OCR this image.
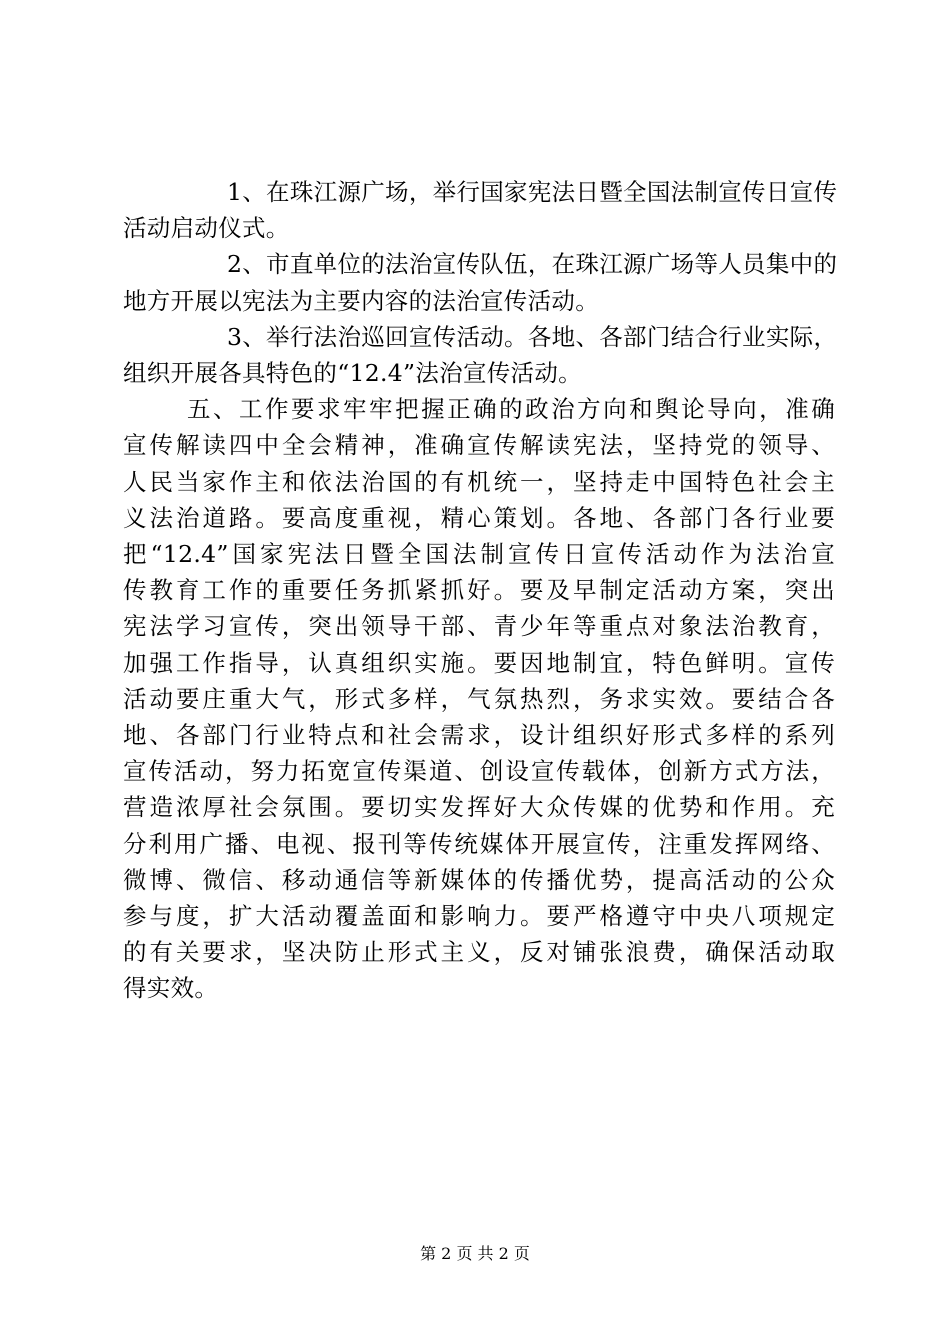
1、在珠江源广场，举行国家宪法日暨全国法制宣传日宣传
活动启动仪式。
2、市直单位的法治宣传队伍，在珠江源广场等人员集中的
地方开展以宪法为主要内容的法治宣传活动。
3、举行法治巡回宣传活动。各地、各部门结合行业实际，
组织开展各具特色的“12.4”法治宣传活动。
五、工作要求牢牢把握正确的政治方向和舆论导向，准确
宣传解读四中全会精神，准确宣传解读宪法，坚持党的领导、
人民当家作主和依法治国的有机统一，坚持走中国特色社会主
义法治道路。要高度重视，精心策划。各地、各部门各行业要
把“12.4”国家宪法日暨全国法制宣传日宣传活动作为法治宣
传教育工作的重要任务抓紧抓好。要及早制定活动方案，突出
宪法学习宣传，突出领导干部、青少年等重点对象法治教育，
加强工作指导，认真组织实施。要因地制宜，特色鲜明。宣传
活动要庄重大气，形式多样，气氛热烈，务求实效。要结合各
地、各部门行业特点和社会需求，设计组织好形式多样的系列
宣传活动，努力拓宽宣传渠道、创设宣传载体，创新方式方法，
营造浓厚社会氛围。要切实发挥好大众传媒的优势和作用。充
分利用广播、电视、报刊等传统媒体开展宣传，注重发挥网络、
微博、微信、移动通信等新媒体的传播优势，提高活动的公众
参与度，扩大活动覆盖面和影响力。要严格遵守中央八项规定
的有关要求，坚决防止形式主义，反对铺张浪费，确保活动取
得实效。
第 2 页 共 2 页
